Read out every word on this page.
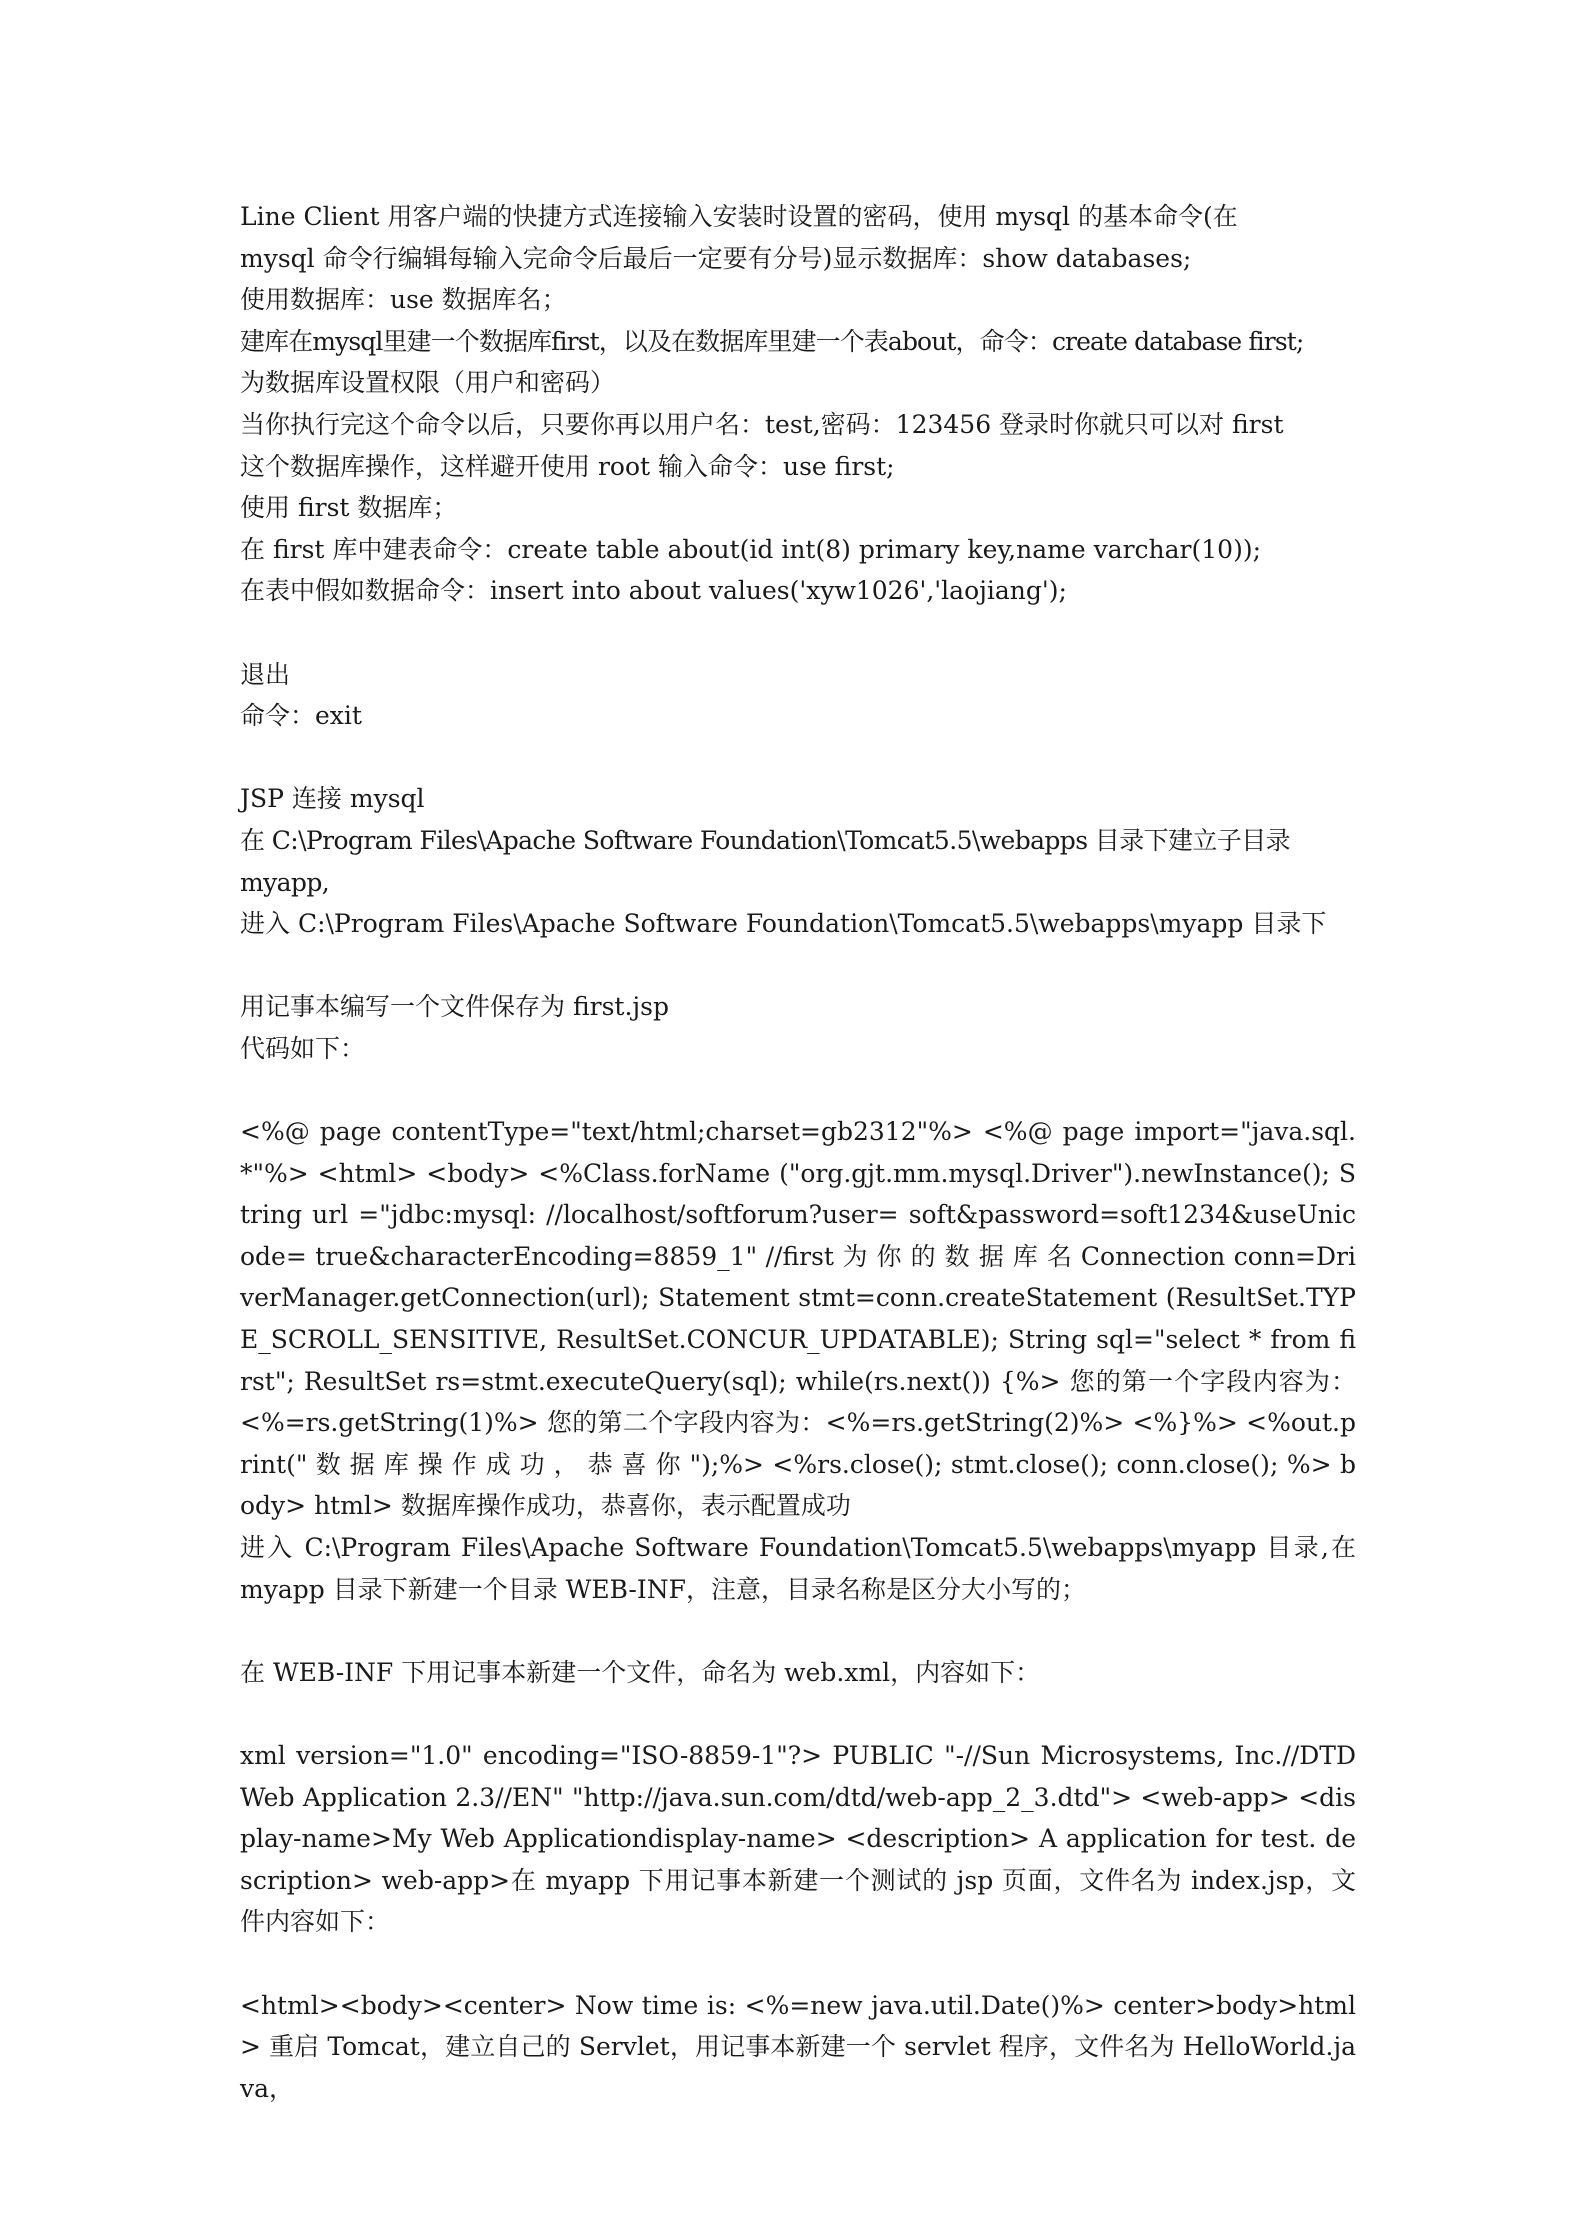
Line Client 用客户端的快捷方式连接输入安装时设置的密码，使用 mysql 的基本命令(在

mysql 命令行编辑每输入完命令后最后一定要有分号)显示数据库：show databases;

使用数据库：use 数据库名；

建库在mysql里建一个数据库first，以及在数据库里建一个表about，命令：create database first;

为数据库设置权限（用户和密码）

当你执行完这个命令以后，只要你再以用户名：test,密码：123456 登录时你就只可以对 first

这个数据库操作，这样避开使用 root 输入命令：use first;

使用 first 数据库；

在 first 库中建表命令：create table about(id int(8) primary key,name varchar(10));

在表中假如数据命令：insert into about values('xyw1026','laojiang');

退出

命令：exit

JSP 连接 mysql

在 C:\Program Files\Apache Software Foundation\Tomcat5.5\webapps 目录下建立子目录 myapp,

进入 C:\Program Files\Apache Software Foundation\Tomcat5.5\webapps\myapp 目录下

用记事本编写一个文件保存为 first.jsp

代码如下：

<%@ page contentType="text/html;charset=gb2312"%> <%@ page import="java.sql.*"%> <html> <body> <%Class.forName ("org.gjt.mm.mysql.Driver").newInstance(); String url ="jdbc:mysql: //localhost/softforum?user= soft&password=soft1234&useUnicode= true&characterEncoding=8859_1" //first 为 你 的 数 据 库 名 Connection conn=DriverManager.getConnection(url); Statement stmt=conn.createStatement (ResultSet.TYPE_SCROLL_SENSITIVE, ResultSet.CONCUR_UPDATABLE); String sql="select * from first"; ResultSet rs=stmt.executeQuery(sql); while(rs.next()) {%> 您的第一个字段内容为：<%=rs.getString(1)%> 您的第二个字段内容为：<%=rs.getString(2)%> <%}%> <%out.print(" 数 据 库 操 作 成 功 ， 恭 喜 你 ");%> <%rs.close(); stmt.close(); conn.close(); %> body> html> 数据库操作成功，恭喜你，表示配置成功

进入 C:\Program Files\Apache Software Foundation\Tomcat5.5\webapps\myapp 目录,在 myapp 目录下新建一个目录 WEB-INF，注意，目录名称是区分大小写的；

在 WEB-INF 下用记事本新建一个文件，命名为 web.xml，内容如下：

xml version="1.0" encoding="ISO-8859-1"?> PUBLIC "-//Sun Microsystems, Inc.//DTD Web Application 2.3//EN" "http://java.sun.com/dtd/web-app_2_3.dtd"> <web-app> <display-name>My Web Applicationdisplay-name> <description> A application for test. description> web-app>在 myapp 下用记事本新建一个测试的 jsp 页面，文件名为 index.jsp，文件内容如下：

<html><body><center> Now time is: <%=new java.util.Date()%> center>body>html> 重启 Tomcat，建立自己的 Servlet，用记事本新建一个 servlet 程序，文件名为 HelloWorld.java，
